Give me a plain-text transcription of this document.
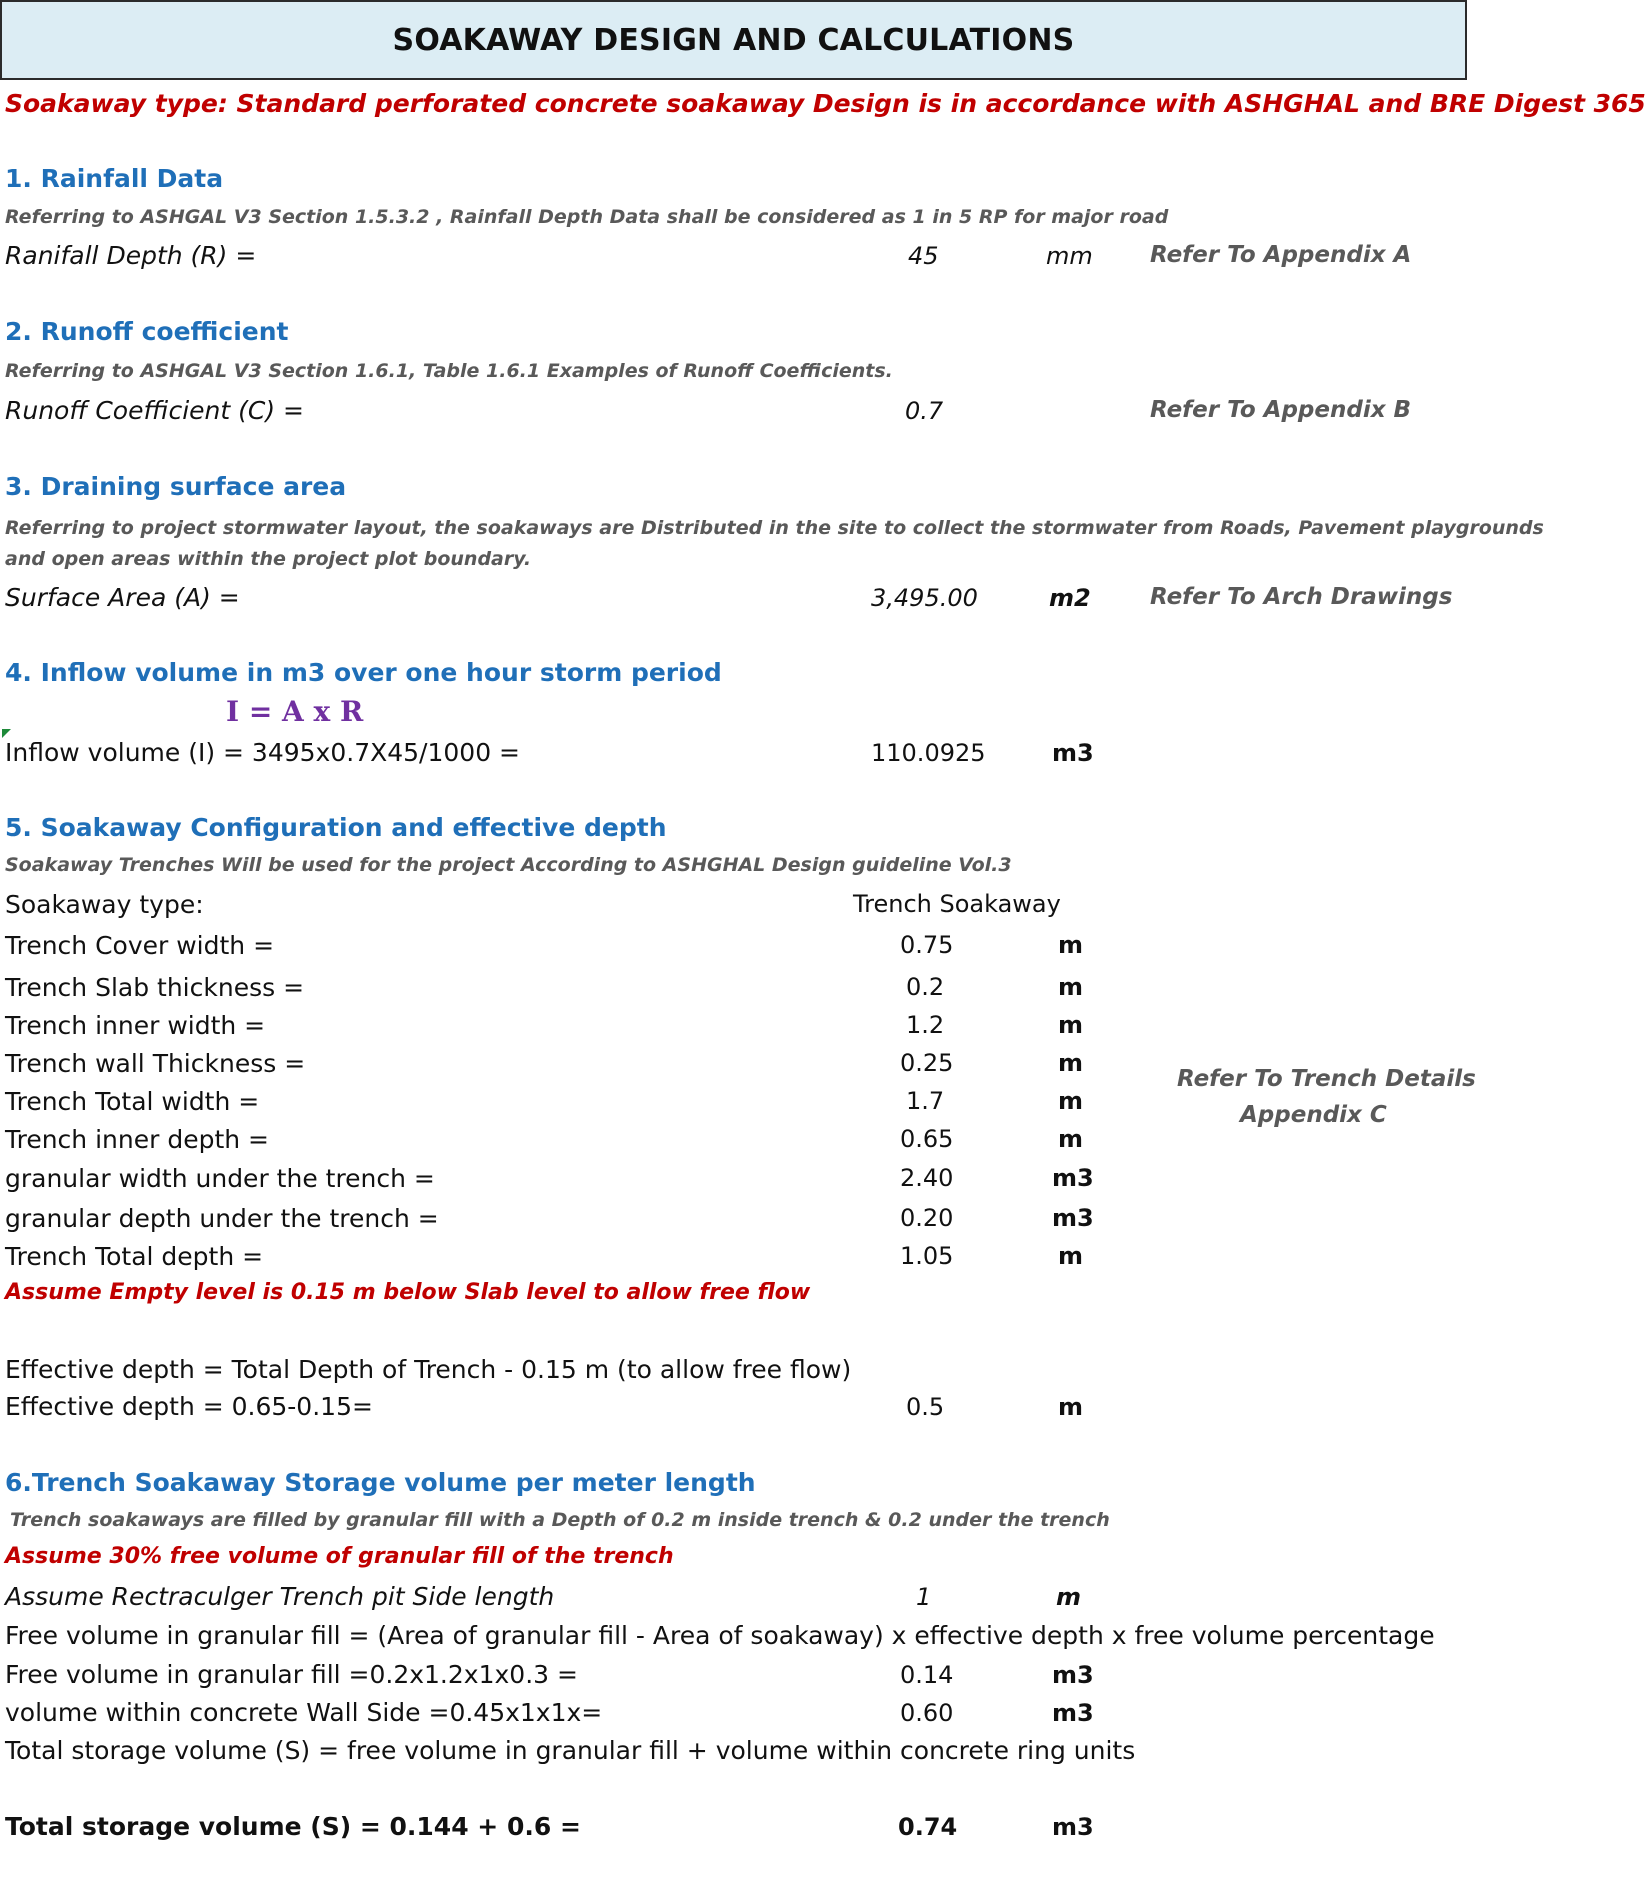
SOAKAWAY DESIGN AND CALCULATIONS
Soakaway type: Standard perforated concrete soakaway Design is in accordance with ASHGHAL and BRE Digest 365
1. Rainfall Data
Referring to ASHGAL V3 Section 1.5.3.2 , Rainfall Depth Data shall be considered as 1 in 5 RP for major road
Ranifall Depth (R) =	45	mm Refer To Appendix A
2. Runoff coefficient
Referring to ASHGAL V3 Section 1.6.1, Table 1.6.1 Examples of Runoff Coefficients.
Runoff Coefficient (C) =	0.7	Refer To Appendix B
3. Draining surface area
Referring to project stormwater layout, the soakaways are Distributed in the site to collect the stormwater from Roads, Pavement playgrounds
and open areas within the project plot boundary.
Surface Area (A) =	3,495.00	m2	Refer To Arch Drawings
4. Inflow volume in m3 over one hour storm period
I = A x R
Inflow volume (I) = 3495x0.7X45/1000 =	110.0925	m3
5. Soakaway Configuration and effective depth
Soakaway Trenches Will be used for the project According to ASHGHAL Design guideline Vol.3
Soakaway type:	Trench Soakaway
Trench Cover width =	0.75	m
Trench Slab thickness =	0.2	m
Trench inner width =	1.2	m
Trench wall Thickness =	0.25	m
Trench Total width =	1.7	m
Trench inner depth =	0.65	m
granular width under the trench =	2.40	m3
granular depth under the trench =	0.20	m3
Trench Total depth =	1.05	m
Refer To Trench Details
Appendix C
Assume Empty level is 0.15 m below Slab level to allow free flow
Effective depth = Total Depth of Trench - 0.15 m (to allow free flow)
Effective depth = 0.65-0.15=	0.5	m
6.Trench Soakaway Storage volume per meter length
Trench soakaways are filled by granular fill with a Depth of 0.2 m inside trench & 0.2 under the trench
Assume 30% free volume of granular fill of the trench
Assume Rectraculger Trench pit Side length	1	m
Free volume in granular fill = (Area of granular fill - Area of soakaway) x effective depth x free volume percentage
Free volume in granular fill =0.2x1.2x1x0.3 =	0.14	m3
volume within concrete Wall Side =0.45x1x1x=	0.60	m3
Total storage volume (S) = free volume in granular fill + volume within concrete ring units
Total storage volume (S) = 0.144 + 0.6 =	0.74	m3
